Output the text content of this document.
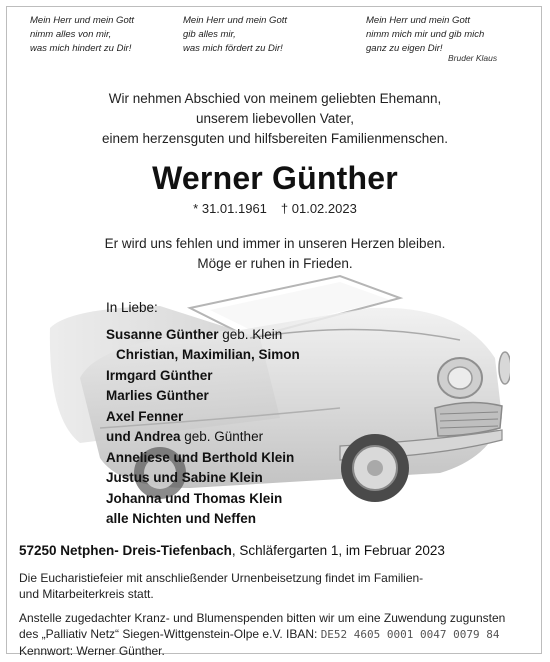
Mein Herr und mein Gott
nimm alles von mir,
was mich hindert zu Dir!
Mein Herr und mein Gott
gib alles mir,
was mich fördert zu Dir!
Mein Herr und mein Gott
nimm mich mir und gib mich
ganz zu eigen Dir!
Bruder Klaus
Wir nehmen Abschied von meinem geliebten Ehemann,
unserem liebevollen Vater,
einem herzensguten und hilfsbereiten Familienmenschen.
Werner Günther
* 31.01.1961 † 01.02.2023
Er wird uns fehlen und immer in unseren Herzen bleiben.
Möge er ruhen in Frieden.
In Liebe:
Susanne Günther geb. Klein
Christian, Maximilian, Simon
Irmgard Günther
Marlies Günther
Axel Fenner
und Andrea geb. Günther
Anneliese und Berthold Klein
Justus und Sabine Klein
Johanna und Thomas Klein
alle Nichten und Neffen
57250 Netphen- Dreis-Tiefenbach, Schläfergarten 1, im Februar 2023
Die Eucharistiefeier mit anschließender Urnenbeisetzung findet im Familien-
und Mitarbeiterkreis statt.
Anstelle zugedachter Kranz- und Blumenspenden bitten wir um eine Zuwendung zugunsten
des „Palliativ Netz“ Siegen-Wittgenstein-Olpe e.V. IBAN: DE52 4605 0001 0047 0079 84
Kennwort: Werner Günther.
